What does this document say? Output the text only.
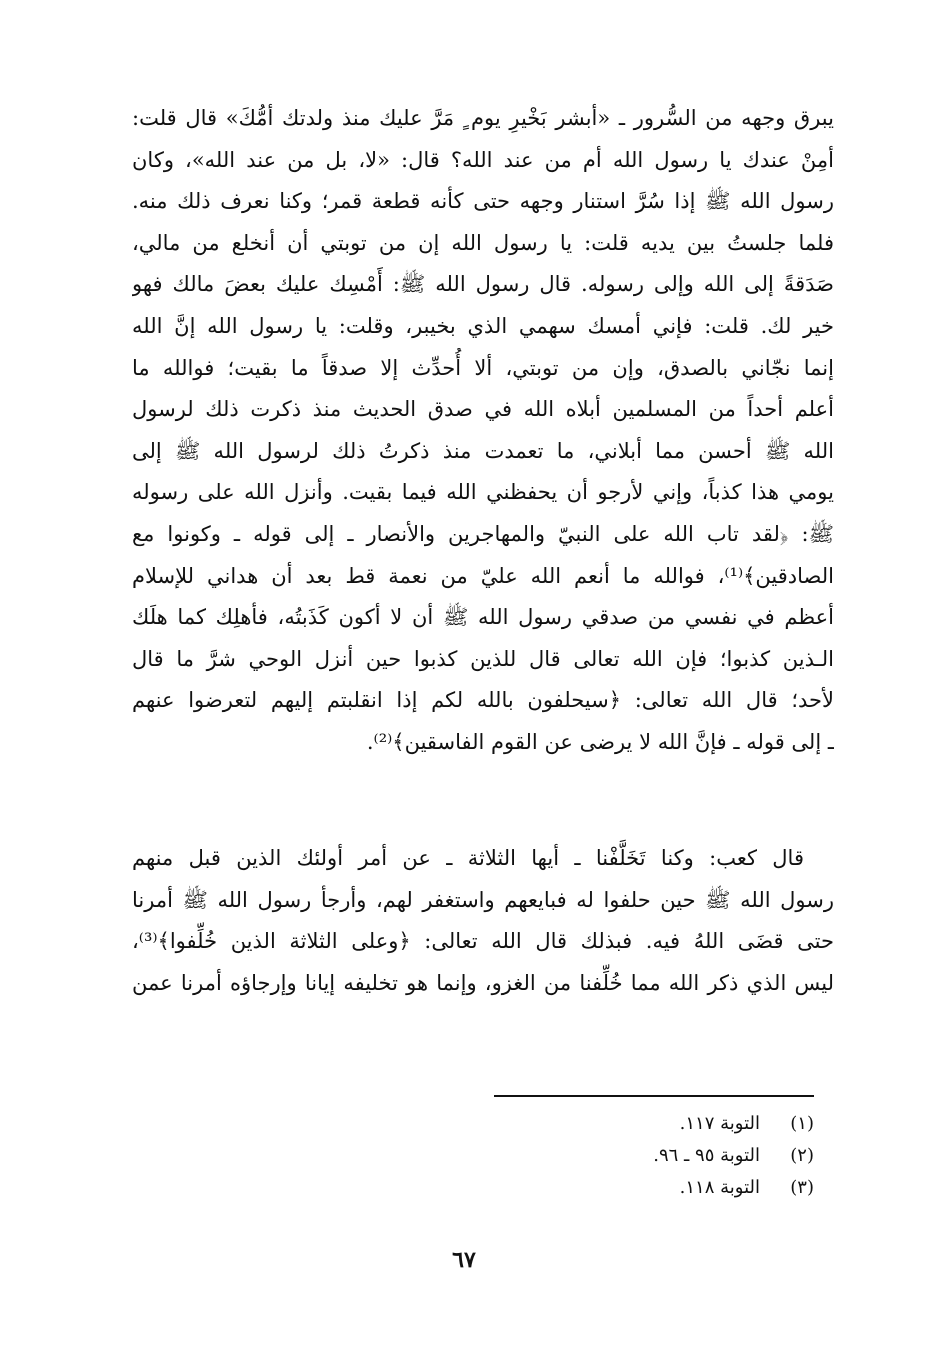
يبرق وجهه من السُّرور ـ «أبشر بَخْيرِ يوم ٍ مَرَّ عليك منذ ولدتك أمُّكَ» قال قلت:
أمِنْ عندك يا رسول الله أم من عند الله؟ قال: «لا، بل من عند الله»، وكان
رسول الله ﷺ إذا سُرَّ استنار وجهه حتى كأنه قطعة قمر؛ وكنا نعرف ذلك منه.
فلما جلستُ بين يديه قلت: يا رسول الله إن من توبتي أن أنخلع من مالي،
صَدَقةً إلى الله وإلى رسوله. قال رسول الله ﷺ: أَمْسِك عليك بعضَ مالك فهو
خير لك. قلت: فإني أمسك سهمي الذي بخيبر، وقلت: يا رسول الله إنَّ الله
إنما نجّاني بالصدق، وإن من توبتي، ألا أُحدِّث إلا صدقاً ما بقيت؛ فوالله ما
أعلم أحداً من المسلمين أبلاه الله في صدق الحديث منذ ذكرت ذلك لرسول
الله ﷺ أحسن مما أبلاني، ما تعمدت منذ ذكرتُ ذلك لرسول الله ﷺ إلى
يومي هذا كذباً، وإني لأرجو أن يحفظني الله فيما بقيت. وأنزل الله على رسوله
ﷺ: ﴿لقد تاب الله على النبيّ والمهاجرين والأنصار ـ إلى قوله ـ وكونوا مع
الصادقين﴾⁽¹⁾، فوالله ما أنعم الله عليّ من نعمة قط بعد أن هداني للإسلام
أعظم في نفسي من صدقي رسول الله ﷺ أن لا أكون كَذَبتُه، فأهلِك كما هلَك
الـذين كذبوا؛ فإن الله تعالى قال للذين كذبوا حين أنزل الوحي شرَّ ما قال
لأحد؛ قال الله تعالى: ﴿سيحلفون بالله لكم إذا انقلبتم إليهم لتعرضوا عنهم
ـ إلى قوله ـ فإنَّ الله لا يرضى عن القوم الفاسقين﴾⁽²⁾.
قال كعب: وكنا تَخَلَّفْنا ـ أيها الثلاثة ـ عن أمر أولئك الذين قبل منهم
رسول الله ﷺ حين حلفوا له فبايعهم واستغفر لهم، وأرجأ رسول الله ﷺ أمرنا
حتى قضَى اللهُ فيه. فبذلك قال الله تعالى: ﴿وعلى الثلاثة الذين خُلِّفوا﴾⁽³⁾،
ليس الذي ذكر الله مما خُلِّفنا من الغزو، وإنما هو تخليفه إيانا وإرجاؤه أمرنا عمن
(١)
التوبة ١١٧.
(٢)
التوبة ٩٥ ـ ٩٦.
(٣)
التوبة ١١٨.
٦٧
